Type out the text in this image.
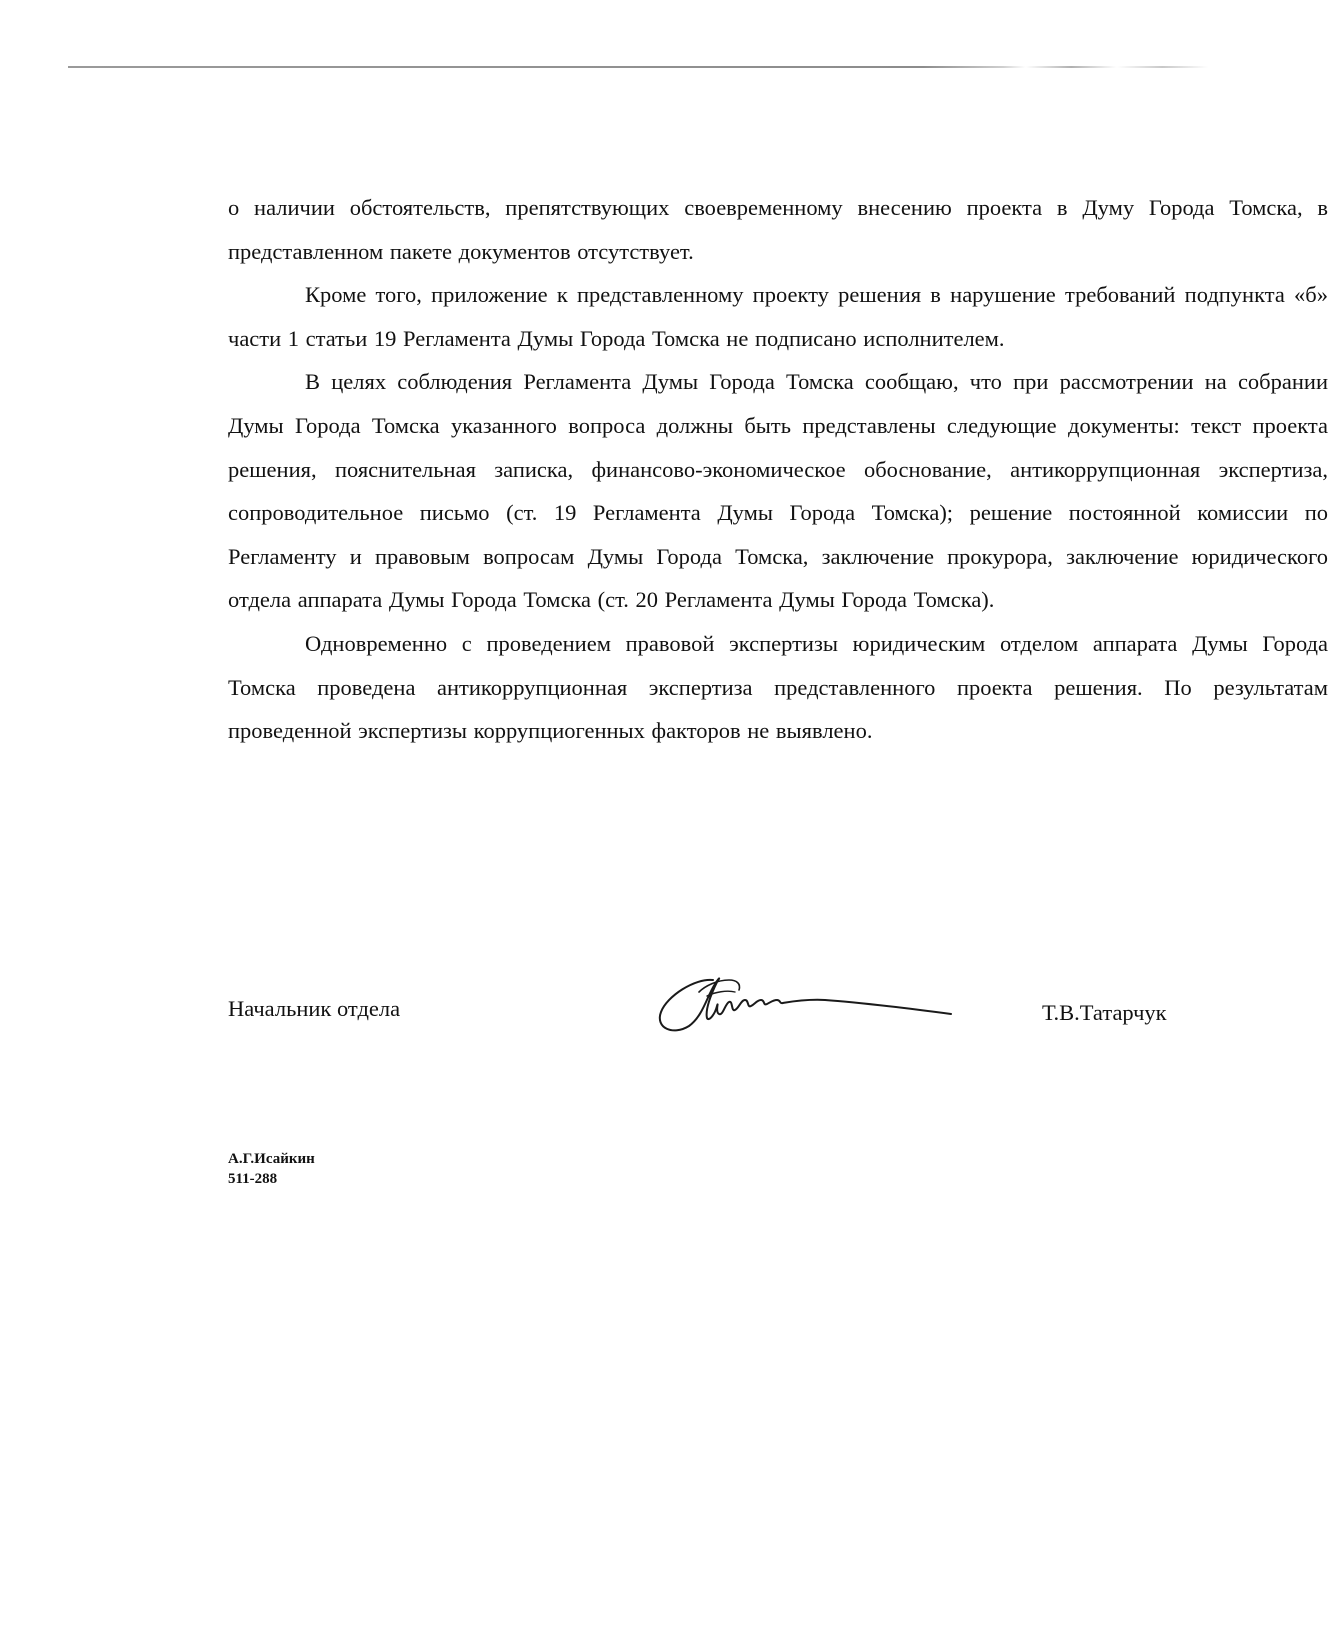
о наличии обстоятельств, препятствующих своевременному внесению проекта в Думу Города Томска, в представленном пакете документов отсутствует.

Кроме того, приложение к представленному проекту решения в нарушение требований подпункта «б» части 1 статьи 19 Регламента Думы Города Томска не подписано исполнителем.

В целях соблюдения Регламента Думы Города Томска сообщаю, что при рассмотрении на собрании Думы Города Томска указанного вопроса должны быть представлены следующие документы: текст проекта решения, пояснительная записка, финансово-экономическое обоснование, антикоррупционная экспертиза, сопроводительное письмо (ст. 19 Регламента Думы Города Томска); решение постоянной комиссии по Регламенту и правовым вопросам Думы Города Томска, заключение прокурора, заключение юридического отдела аппарата Думы Города Томска (ст. 20 Регламента Думы Города Томска).

Одновременно с проведением правовой экспертизы юридическим отделом аппарата Думы Города Томска проведена антикоррупционная экспертиза представленного проекта решения. По результатам проведенной экспертизы коррупциогенных факторов не выявлено.

Начальник отдела	Т.В.Татарчук
А.Г.Исайкин
511-288
